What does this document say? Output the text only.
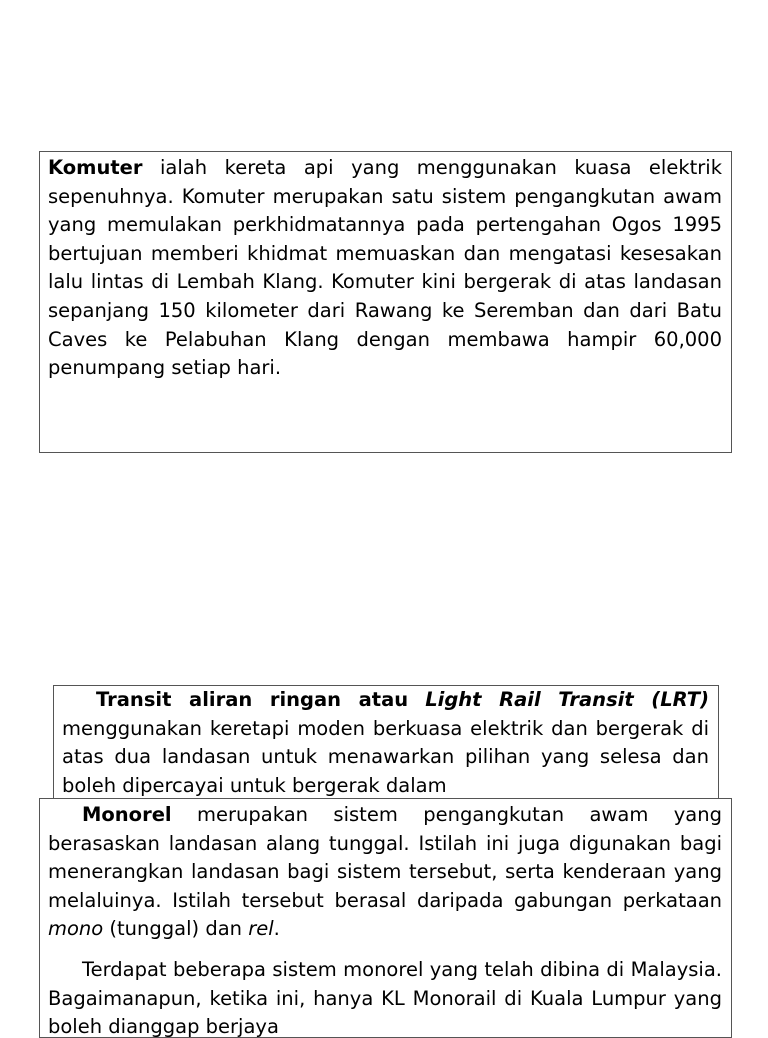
Komuter ialah kereta api yang menggunakan kuasa elektrik sepenuhnya. Komuter merupakan satu sistem pengangkutan awam yang memulakan perkhidmatannya pada pertengahan Ogos 1995 bertujuan memberi khidmat memuaskan dan mengatasi kesesakan lalu lintas di Lembah Klang. Komuter kini bergerak di atas landasan sepanjang 150 kilometer dari Rawang ke Seremban dan dari Batu Caves ke Pelabuhan Klang dengan membawa hampir 60,000 penumpang setiap hari.

Transit aliran ringan atau Light Rail Transit (LRT) menggunakan keretapi moden berkuasa elektrik dan bergerak di atas dua landasan untuk menawarkan pilihan yang selesa dan boleh dipercayai untuk bergerak dalam

Monorel merupakan sistem pengangkutan awam yang berasaskan landasan alang tunggal. Istilah ini juga digunakan bagi menerangkan landasan bagi sistem tersebut, serta kenderaan yang melaluinya. Istilah tersebut berasal daripada gabungan perkataan mono (tunggal) dan rel.

Terdapat beberapa sistem monorel yang telah dibina di Malaysia. Bagaimanapun, ketika ini, hanya KL Monorail di Kuala Lumpur yang boleh dianggap berjaya
